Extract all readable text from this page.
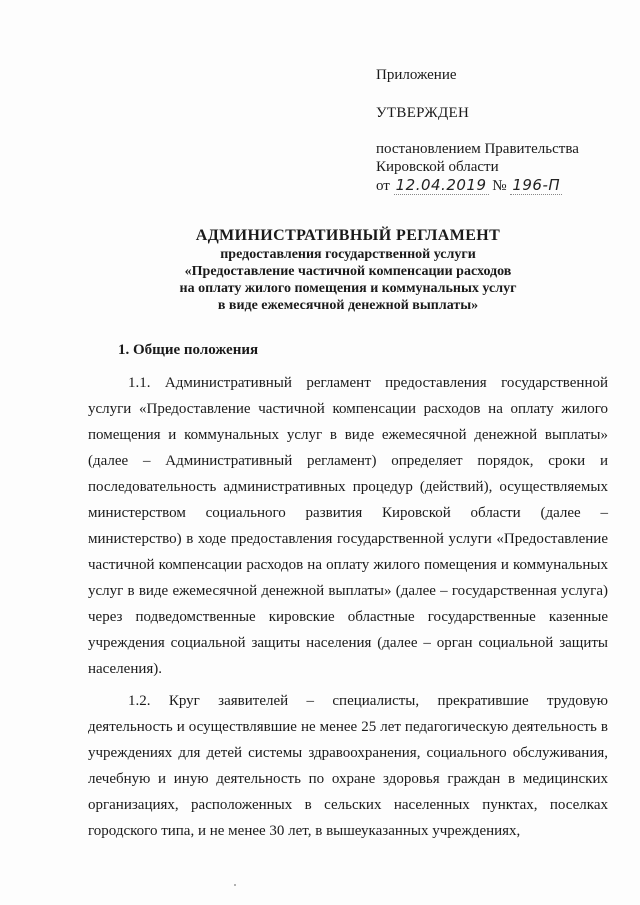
Приложение
УТВЕРЖДЕН
постановлением Правительства
Кировской области
от 12.04.2019 № 196-П
АДМИНИСТРАТИВНЫЙ РЕГЛАМЕНТ
предоставления государственной услуги
«Предоставление частичной компенсации расходов
на оплату жилого помещения и коммунальных услуг
в виде ежемесячной денежной выплаты»
1. Общие положения

1.1. Административный регламент предоставления государственной услуги «Предоставление частичной компенсации расходов на оплату жилого помещения и коммунальных услуг в виде ежемесячной денежной выплаты» (далее – Административный регламент) определяет порядок, сроки и последовательность административных процедур (действий), осуществляемых министерством социального развития Кировской области (далее – министерство) в ходе предоставления государственной услуги «Предоставление частичной компенсации расходов на оплату жилого помещения и коммунальных услуг в виде ежемесячной денежной выплаты» (далее – государственная услуга) через подведомственные кировские областные государственные казенные учреждения социальной защиты населения (далее – орган социальной защиты населения).

1.2. Круг заявителей – специалисты, прекратившие трудовую деятельность и осуществлявшие не менее 25 лет педагогическую деятельность в учреждениях для детей системы здравоохранения, социального обслуживания, лечебную и иную деятельность по охране здоровья граждан в медицинских организациях, расположенных в сельских населенных пунктах, поселках городского типа, и не менее 30 лет, в вышеуказанных учреждениях,
